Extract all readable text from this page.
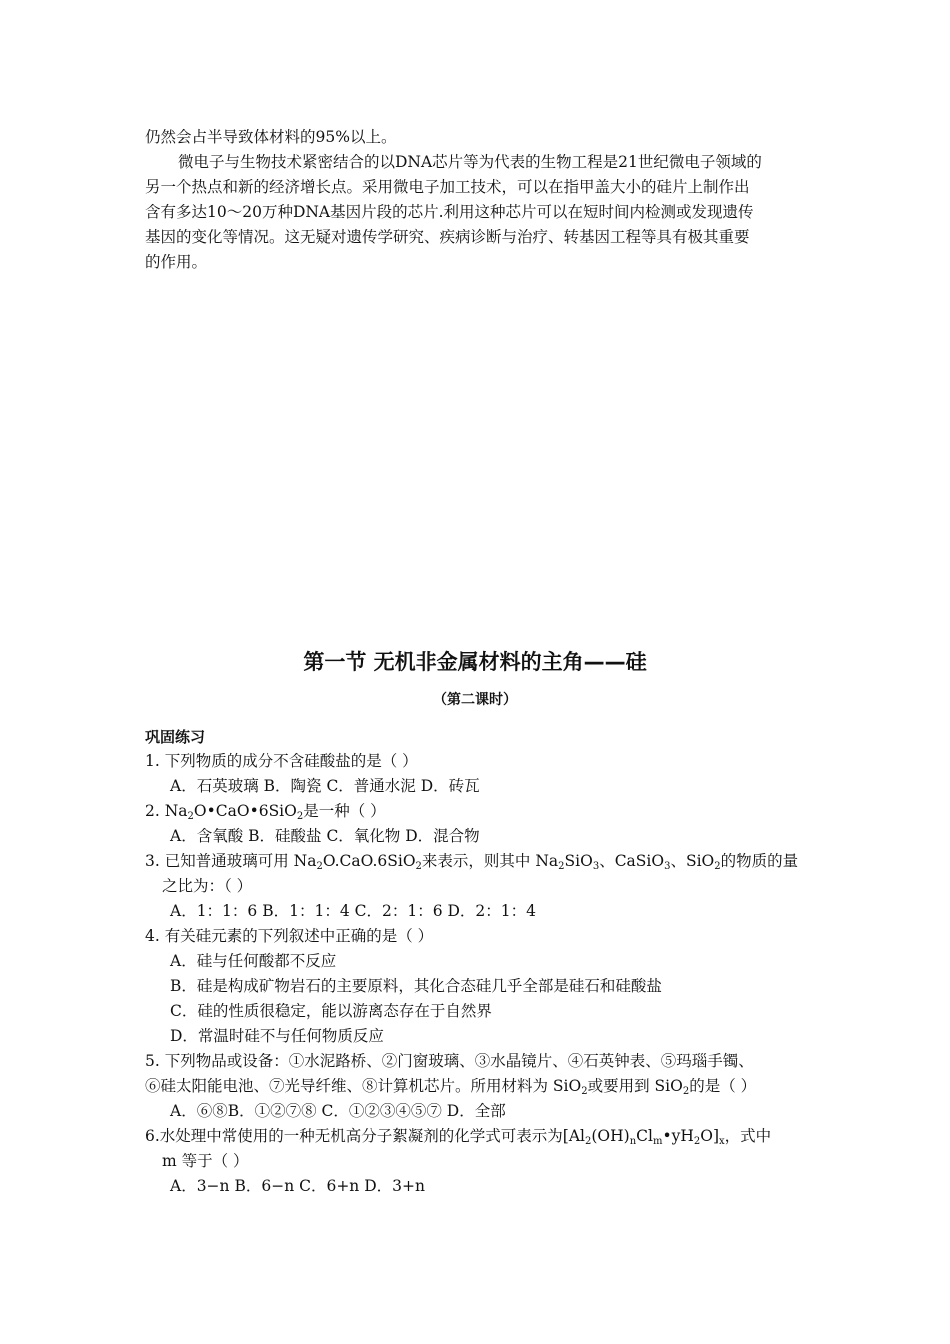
仍然会占半导致体材料的95%以上。
微电子与生物技术紧密结合的以DNA芯片等为代表的生物工程是21世纪微电子领域的
另一个热点和新的经济增长点。采用微电子加工技术，可以在指甲盖大小的硅片上制作出
含有多达10～20万种DNA基因片段的芯片.利用这种芯片可以在短时间内检测或发现遗传
基因的变化等情况。这无疑对遗传学研究、疾病诊断与治疗、转基因工程等具有极其重要
的作用。
第一节 无机非金属材料的主角——硅
（第二课时）
巩固练习
1. 下列物质的成分不含硅酸盐的是（ ）
A．石英玻璃 B．陶瓷 C．普通水泥 D．砖瓦
2. $Na_2O•CaO•6SiO_2$是一种（ ）
A．含氧酸 B．硅酸盐 C．氧化物 D．混合物
3. 已知普通玻璃可用 $Na_2O.CaO.6SiO_2$来表示，则其中 $Na_2SiO_3$、CaSiO$_3$、SiO$_2$的物质的量
之比为：（ ）
A．1：1：6 B．1：1：4 C．2：1：6 D．2：1：4
4. 有关硅元素的下列叙述中正确的是（ ）
A．硅与任何酸都不反应
B．硅是构成矿物岩石的主要原料，其化合态硅几乎全部是硅石和硅酸盐
C．硅的性质很稳定，能以游离态存在于自然界
D．常温时硅不与任何物质反应
5. 下列物品或设备：①水泥路桥、②门窗玻璃、③水晶镜片、④石英钟表、⑤玛瑙手镯、
⑥硅太阳能电池、⑦光导纤维、⑧计算机芯片。所用材料为 SiO$_2$或要用到 SiO$_2$的是（ ）
A．⑥⑧B．①②⑦⑧ C．①②③④⑤⑦ D．全部
6.水处理中常使用的一种无机高分子絮凝剂的化学式可表示为$[Al_2(OH)_nCl_m•yH_2O]_x$，式中
m 等于（ ）
A．3−n B．6−n C．6+n D．3+n
